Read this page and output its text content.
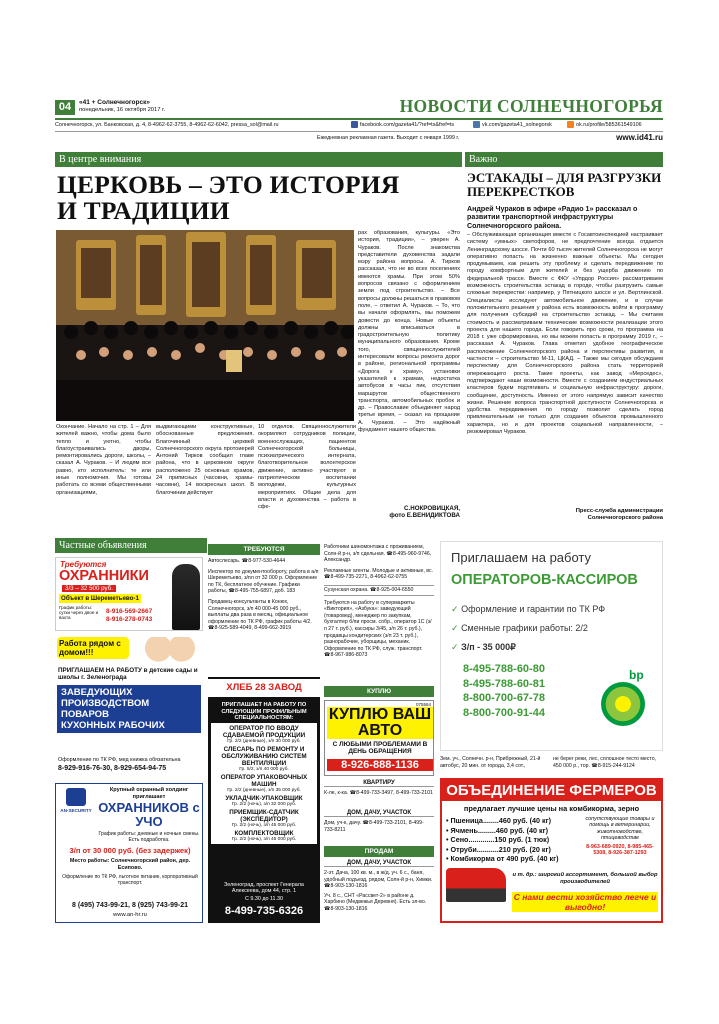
04	«41 + Солнечногорск»
понедельник, 16 октября 2017 г.	НОВОСТИ СОЛНЕЧНОГОРЬЯ
Солнечногорск, ул. Банковская, д. 4, 8-4962-62-3755, 8-4962-62-6042, pressa_sol@mail.ru	facebook.com/gazeta41/?ref=ts&fref=ts	vk.com/gazeta41_solnegorsk	ok.ru/profile/585361549106
Ежедневная рекламная газета. Выходит с января 1999 г.	www.id41.ru
В центре внимания
ЦЕРКОВЬ – ЭТО ИСТОРИЯ
И ТРАДИЦИИ
рах образования, культуры. «Это история, традиции», – уверен А. Чураков. После знакомства представители духовенства задали мэру района вопросы. А. Тирков рассказал, что не во всех поселениях имеются храмы. При этом 50% вопросов связано с оформлением земли под строительство. – Все вопросы должны решаться в правовом поле, – ответил А. Чураков. – То, что вы начали оформлять, мы поможем довести до конца. Новые объекты должны вписываться в градостроительную политику муниципального образования. Кроме того, священнослужителей интересовали вопросы ремонта дорог в районе, региональной программы «Дорога к храму», установки указателей к храмам, недостатка автобусов в часы пик, отсутствия маршрутов общественного транспорта, автомобильных пробок и др. – Православие объединяет народ третье время, – сказал на прощание А. Чураков. – Это надёжный фундамент нашего общества.
Окончание. Начало на стр. 1 – Для жителей важно, чтобы дома было тепло и уютно, чтобы благоустраивались дворы, ремонтировались дороги, школы, – сказал А. Чураков. – И людям все равно, кто исполнитель: те или иные полномочия. Мы готовы работать со всеми общественными организациями,
выдвигающими конструктивные, обоснованные предложения. Благочинный церквей Солнечногорского округа протоиерей Антоний Тирков сообщил главе района, что в церковном округе расположено 25 основных храмов, 24 приписных (часовни, храмы-часовни), 14 воскресных школ. В благочинии действует
10 отделов. Священнослужители окормляют сотрудников полиции, военнослужащих, пациентов Солнечногорской больницы, психиатрического интерната, благотворительное волонтерское движение, активно участвуют в патриотическом воспитании молодежи, культурных мероприятиях. Общие дела для власти и духовенства – работа в сфе-	С.НОКРОВИЦКАЯ,
фото Е.ВЕНИДИКТОВА
Важно
ЭСТАКАДЫ – ДЛЯ РАЗГРУЗКИ ПЕРЕКРЕСТКОВ
Андрей Чураков в эфире «Радио 1» рассказал о развитии транспортной инфраструктуры Солнечногорского района.
– Обслуживающая организация вместе с Госавтоинспекцией настраивает систему «умных» светофоров, не предпочтение всегда отдается Ленинградскому шоссе. Почти 60 тысяч жителей Солнечногорска не могут оперативно попасть на жизненно важные объекты. Мы сегодня продумываем, как решить эту проблему и сделать передвижение по городу комфортным для жителей и без ущерба движению по федеральной трассе. Вместе с ФКУ «Упрдор Россия» рассматриваем возможность строительства эстакад в городе, чтобы разгрузить самые сложные перекрестки: например, у Пятницкого шоссе и ул. Вертлинской. Специалисты исследуют автомобильное движение, и в случае положительного решения у района есть возможность войти в программу для получения субсидий на строительство эстакад. – Мы считаем стоимость и рассматриваем технические возможности реализации этого проекта для нашего города. Если говорить про сроки, то программа на 2018 г. уже сформирована, но мы можем попасть в программу 2019 г., – рассказал А. Чураков. Глава отметил удобное географическое расположение Солнечногорского района и перспективы развития, в частности – строительство М-11, ЦКАД. – Также мы сегодня обсуждаем перспективу для Солнечногорского района стать территорией опережающего роста. Такие проекты, как завод «Мерседес», подтверждают наши возможности. Вместе с созданием индустриальных кластеров будем подтягивать и социальную инфраструктуру: дороги, сообщение, доступность. Именно от этого напрямую зависит качество жизни. Решение вопроса транспортной доступности Солнечногорска и удобства передвижения по городу позволит сделать город привлекательным не только для создания объектов промышленного характера, но и для проектов социальной направленности, – резюмировал Чураков.
Пресс-служба администрации Солнечногорского района
Частные объявления
Требуются
ОХРАННИКИ
3/3 – 32 500 руб.
Объект в Шереметьево-1
График работы: сутки через двое и вахта
8-916-569-2667
8-916-278-0743
Работа рядом с домом!!!
ПРИГЛАШАЕМ НА РАБОТУ в детские сады и школы г. Зеленограда
ЗАВЕДУЮЩИХ ПРОИЗВОДСТВОМ
ПОВАРОВ
КУХОННЫХ РАБОЧИХ
Оформление по ТК РФ, мед книжка обязательна
8-929-916-76-30, 8-929-654-94-75
AN-SECURITY
Крупный охранный холдинг приглашает
ОХРАННИКОВ с УЧО
График работы: дневные и ночные смены. Есть подработка.
3/п от 30 000 руб. (без задержек)
Место работы: Солнечногорский район, дер. Есипово.
Оформление по ТК РФ, льготное питание, корпоративный транспорт.
8 (495) 743-99-21, 8 (925) 743-99-21
www.an-hr.ru
ТРЕБУЮТСЯ
Автослесарь. ☎8-977-530-4644
Инспектор по документообороту, работа в а/п Шереметьево, з/пл от 32 000 р. Оформление по ТК, бесплатное обучение. Графики работы, ☎8-495-755-6897, доб. 183
Продавец-консультанты в Конюх, Солнечногорск, з/п 40 000-45 000 руб., выплаты два раза в месяц, официальное оформление по ТК РФ, график работы 4/2. ☎8-925-589-4049, 8-499-662-3919
ХЛЕБ 28 ЗАВОД
ПРИГЛАШАЕТ НА РАБОТУ ПО СЛЕДУЮЩИМ ПРОФИЛЬНЫМ СПЕЦИАЛЬНОСТЯМ:
ОПЕРАТОР ПО ВВОДУ СДАВАЕМОЙ ПРОДУКЦИИ
Гр. 2/2 (дневные), з/п 30 000 руб.
СЛЕСАРЬ ПО РЕМОНТУ И ОБСЛУЖИВАНИЮ СИСТЕМ ВЕНТИЛЯЦИИ
Гр. 5/2, з/п 40 000 руб.
ОПЕРАТОР УПАКОВОЧНЫХ МАШИН
Гр. 2/2 (дневные), з/п 35 000 руб.
УКЛАДЧИК-УПАКОВЩИК
Гр. 2/2 (ночь), з/п 32 000 руб.
ПРИЕМЩИК-СДАТЧИК (ЭКСПЕДИТОР)
Гр. 2/2 (ночь), з/п 45 000 руб.
КОМПЛЕКТОВЩИК
Гр. 2/2 (ночь), з/п 45 000 руб.
Зеленоград, проспект Генерала Алексеева, дом 44, стр. 1
С 9.30 до 11.30
8-499-735-6326
Работники шиномонтажа с проживанием, Солн-й р-н, з/п сдельная. ☎8-495-960-9746, Александр.
Рекламные агенты. Молодые и активные, вс. ☎8-499-735-2271, 8-4962-62-0755
Сузунская охрана. ☎8-925-004-6550
Требуются на работу в супермаркеты «Виктория», «Азбука»: заведующий (товаровед), менеджер по закупкам, бухгалтер б/пи просм. собр., оператор 1С (з/п 27 т. руб.), кассиры 3/45, з/п 26 т. руб.), продавцы кондитерских (з/п 23 т. руб.), разнорабочие, уборщицы, механик. Оформление по ТК РФ, служ. транспорт. ☎8-967-986-8073
КУПЛЮ
075564
КУПЛЮ ВАШ АВТО
С ЛЮБЫМИ ПРОБЛЕМАМИ В ДЕНЬ ОБРАЩЕНИЯ
8-926-888-1136
КВАРТИРУ
К-ле, к-ка. ☎8-499-733-3497, 8-499-733-2101
ДОМ, ДАЧУ, УЧАСТОК
Дом, уч-к, дачу. ☎8-499-733-2101, 8-499-733-8211
ПРОДАМ
ДОМ, ДАЧУ, УЧАСТОК
2-эт. Дача, 100 кв. м., в ж/д. уч. 6 с., баня, удобный подъезд, рядом, Солн-й р-н, Химки. ☎8-903-130-1816
Уч. 8 с., СНТ «Рассвет-2» в районе д. Харбино (Медвежья Деревня). Есть эл-во. ☎8-903-130-1816
Приглашаем на работу
ОПЕРАТОРОВ-КАССИРОВ
✓ Оформление и гарантии по ТК РФ
✓ Сменные графики работы: 2/2
✓ З/п - 35 000₽
8-495-788-60-80
8-495-788-60-81
8-800-700-67-78
8-800-700-91-44
bp
Зем. уч., Солнечн. р-н, Прибрежный, 21-й автобус, 20 мин. от города, 3,4 сот.,
не берег реки, лес, сплошное тесто место, 450 000 р., тор. ☎8-915-244-9124
ОБЪЕДИНЕНИЕ ФЕРМЕРОВ
предлагает лучшие цены на комбикорма, зерно
• Пшеница........460 руб. (40 кг)
• Ячмень.........460 руб. (40 кг)
• Сено.............150 руб. (1 тюк)
• Отруби...........210 руб. (20 кг)
• Комбикорма от 490 руб. (40 кг)
сопутствующие товары и помощь в ветеринарии, животноводстве, птицеводстве
8-963-689-0920, 8-985-465-5308, 8-926-387-1293
и т. др.: широкий ассортимент, большой выбор производителей
С нами вести хозяйство легче и выгодно!
